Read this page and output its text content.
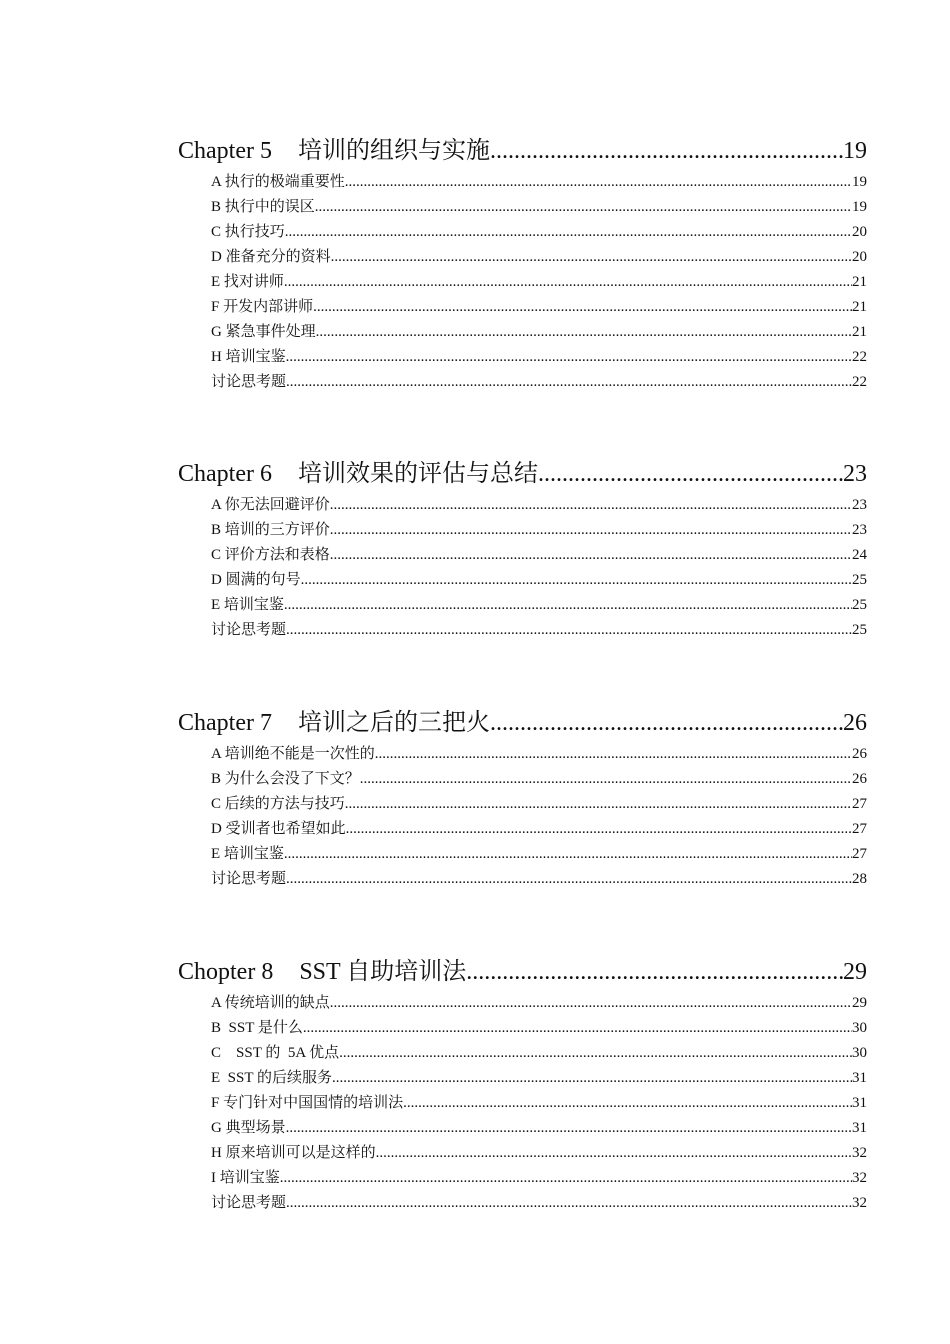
Chapter 5	培训的组织与实施 .....	19
A 执行的极端重要性 .....	19
B 执行中的误区 .....	19
C 执行技巧 .....	20
D 准备充分的资料 .....	20
E 找对讲师 .....	21
F 开发内部讲师 .....	21
G 紧急事件处理 .....	21
H 培训宝鉴 .....	22
讨论思考题 .....	22
Chapter 6	培训效果的评估与总结 .....	23
A 你无法回避评价 .....	23
B 培训的三方评价 .....	23
C 评价方法和表格 .....	24
D 圆满的句号 .....	25
E 培训宝鉴 .....	25
讨论思考题 .....	25
Chapter 7	培训之后的三把火 .....	26
A 培训绝不能是一次性的 .....	26
B 为什么会没了下文？ .....	26
C 后续的方法与技巧 .....	27
D 受训者也希望如此 .....	27
E 培训宝鉴 .....	27
讨论思考题 .....	28
Chopter 8	SST 自助培训法 .....	29
A 传统培训的缺点 .....	29
B  SST 是什么 .....	30
C    SST 的  5A 优点 .....	30
E  SST 的后续服务 .....	31
F 专门针对中国国情的培训法 .....	31
G 典型场景 .....	31
H 原来培训可以是这样的 .....	32
I 培训宝鉴 .....	32
讨论思考题 .....	32
